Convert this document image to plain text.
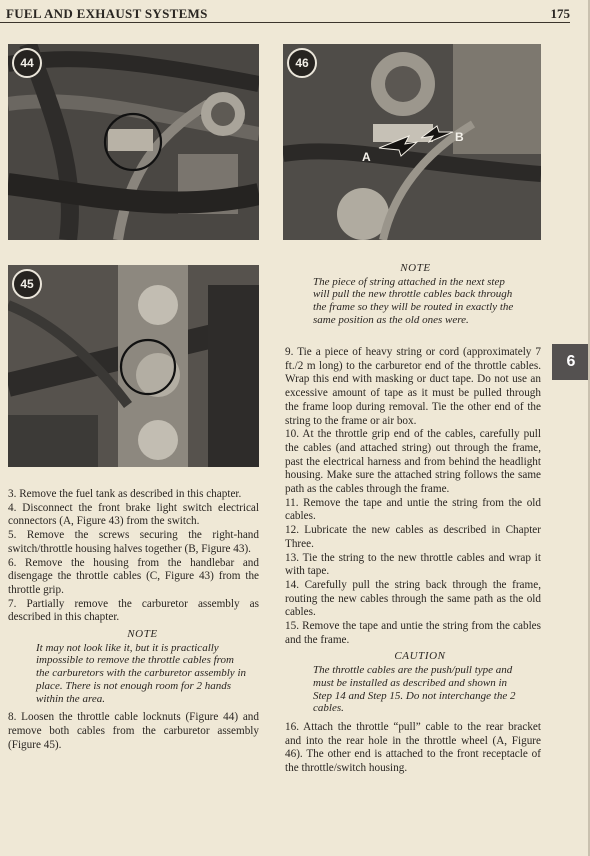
FUEL AND EXHAUST SYSTEMS	175
44
45
46
A
B
NOTE
The piece of string attached in the next step will pull the new throttle cables back through the frame so they will be routed in exactly the same position as the old ones were.

3. Remove the fuel tank as described in this chapter.

4. Disconnect the front brake light switch electrical connectors (A, Figure 43) from the switch.

5. Remove the screws securing the right-hand switch/throttle housing halves together (B, Figure 43).

6. Remove the housing from the handlebar and disengage the throttle cables (C, Figure 43) from the throttle grip.

7. Partially remove the carburetor assembly as described in this chapter.

NOTE
It may not look like it, but it is practically impossible to remove the throttle cables from the carburetors with the carburetor assembly in place. There is not enough room for 2 hands within the area.

8. Loosen the throttle cable locknuts (Figure 44) and remove both cables from the carburetor assembly (Figure 45).

9. Tie a piece of heavy string or cord (approximately 7 ft./2 m long) to the carburetor end of the throttle cables. Wrap this end with masking or duct tape. Do not use an excessive amount of tape as it must be pulled through the frame loop during removal. Tie the other end of the string to the frame or air box.

10. At the throttle grip end of the cables, carefully pull the cables (and attached string) out through the frame, past the electrical harness and from behind the headlight housing. Make sure the attached string follows the same path as the cables through the frame.

11. Remove the tape and untie the string from the old cables.

12. Lubricate the new cables as described in Chapter Three.

13. Tie the string to the new throttle cables and wrap it with tape.

14. Carefully pull the string back through the frame, routing the new cables through the same path as the old cables.

15. Remove the tape and untie the string from the cables and the frame.

CAUTION
The throttle cables are the push/pull type and must be installed as described and shown in Step 14 and Step 15. Do not interchange the 2 cables.

16. Attach the throttle “pull” cable to the rear bracket and into the rear hole in the throttle wheel (A, Figure 46). The other end is attached to the front receptacle of the throttle/switch housing.

6
